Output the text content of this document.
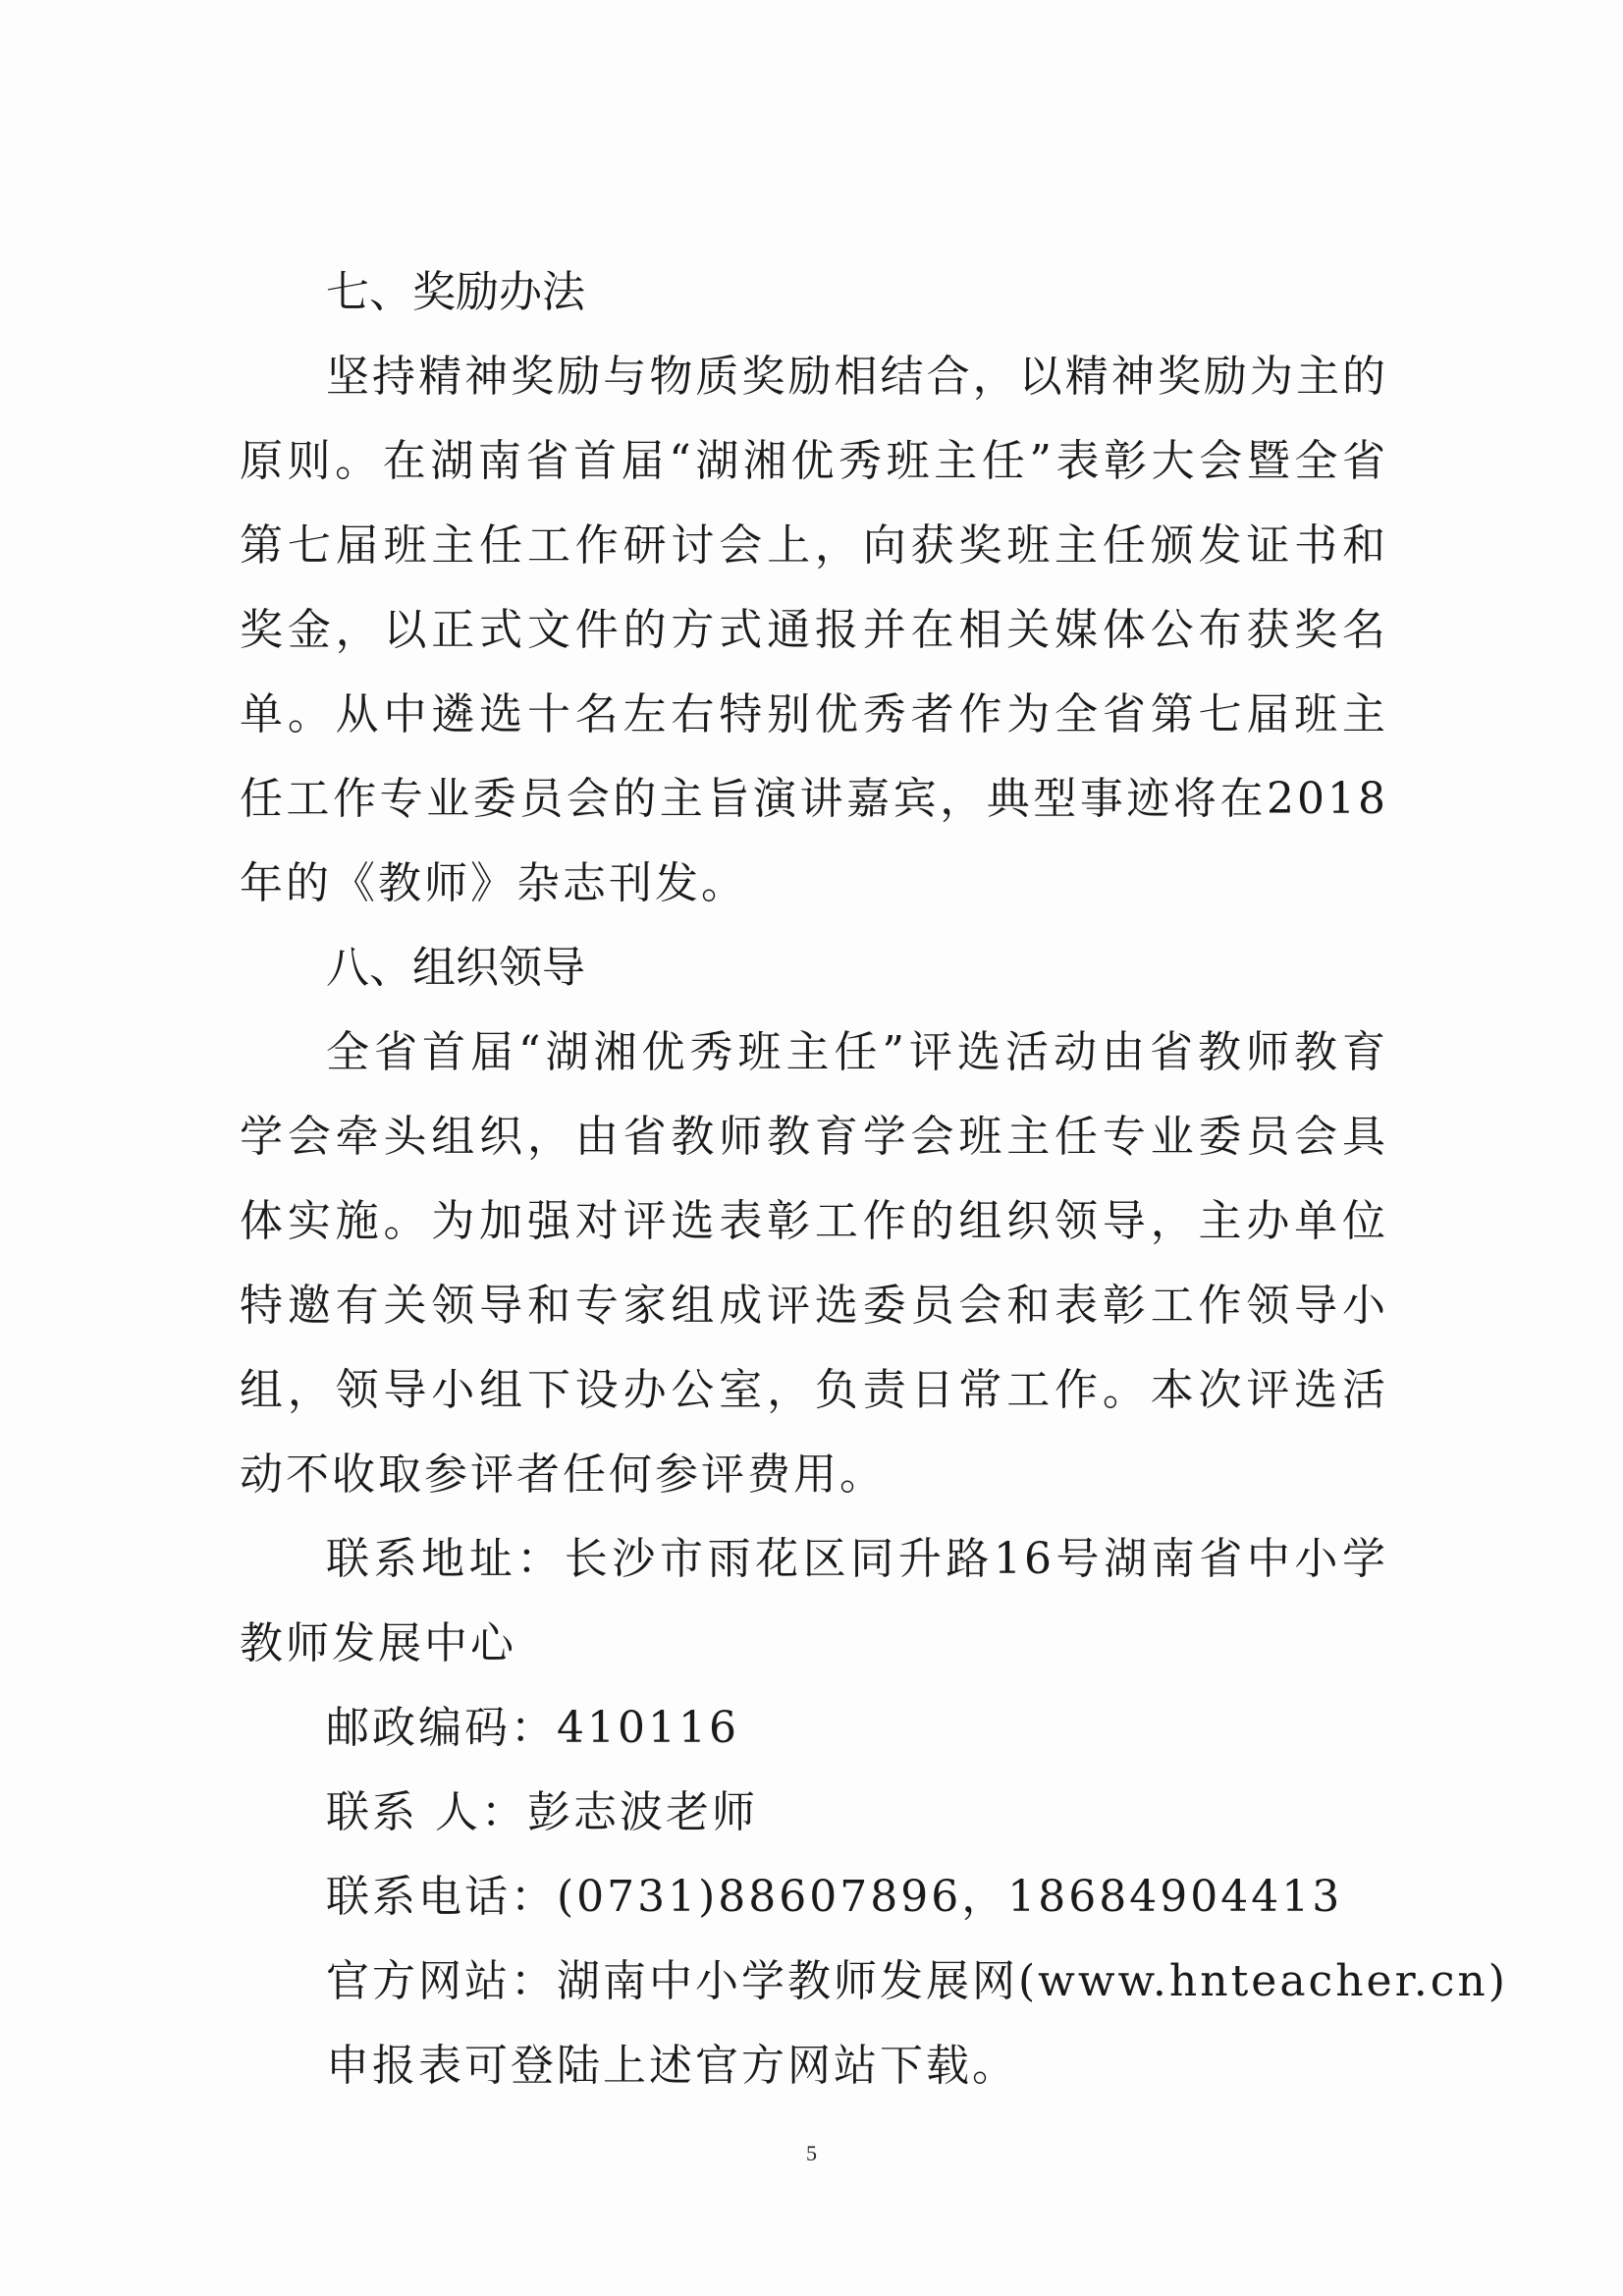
七、奖励办法

坚持精神奖励与物质奖励相结合，以精神奖励为主的原则。在湖南省首届“湖湘优秀班主任”表彰大会暨全省第七届班主任工作研讨会上，向获奖班主任颁发证书和奖金，以正式文件的方式通报并在相关媒体公布获奖名单。从中遴选十名左右特别优秀者作为全省第七届班主任工作专业委员会的主旨演讲嘉宾，典型事迹将在2018年的《教师》杂志刊发。

八、组织领导

全省首届“湖湘优秀班主任”评选活动由省教师教育学会牵头组织，由省教师教育学会班主任专业委员会具体实施。为加强对评选表彰工作的组织领导，主办单位特邀有关领导和专家组成评选委员会和表彰工作领导小组，领导小组下设办公室，负责日常工作。本次评选活动不收取参评者任何参评费用。

联系地址：长沙市雨花区同升路16号湖南省中小学教师发展中心

邮政编码：410116
联系 人：彭志波老师
联系电话：(0731)88607896，18684904413
官方网站：湖南中小学教师发展网(www.hnteacher.cn)
申报表可登陆上述官方网站下载。
5
